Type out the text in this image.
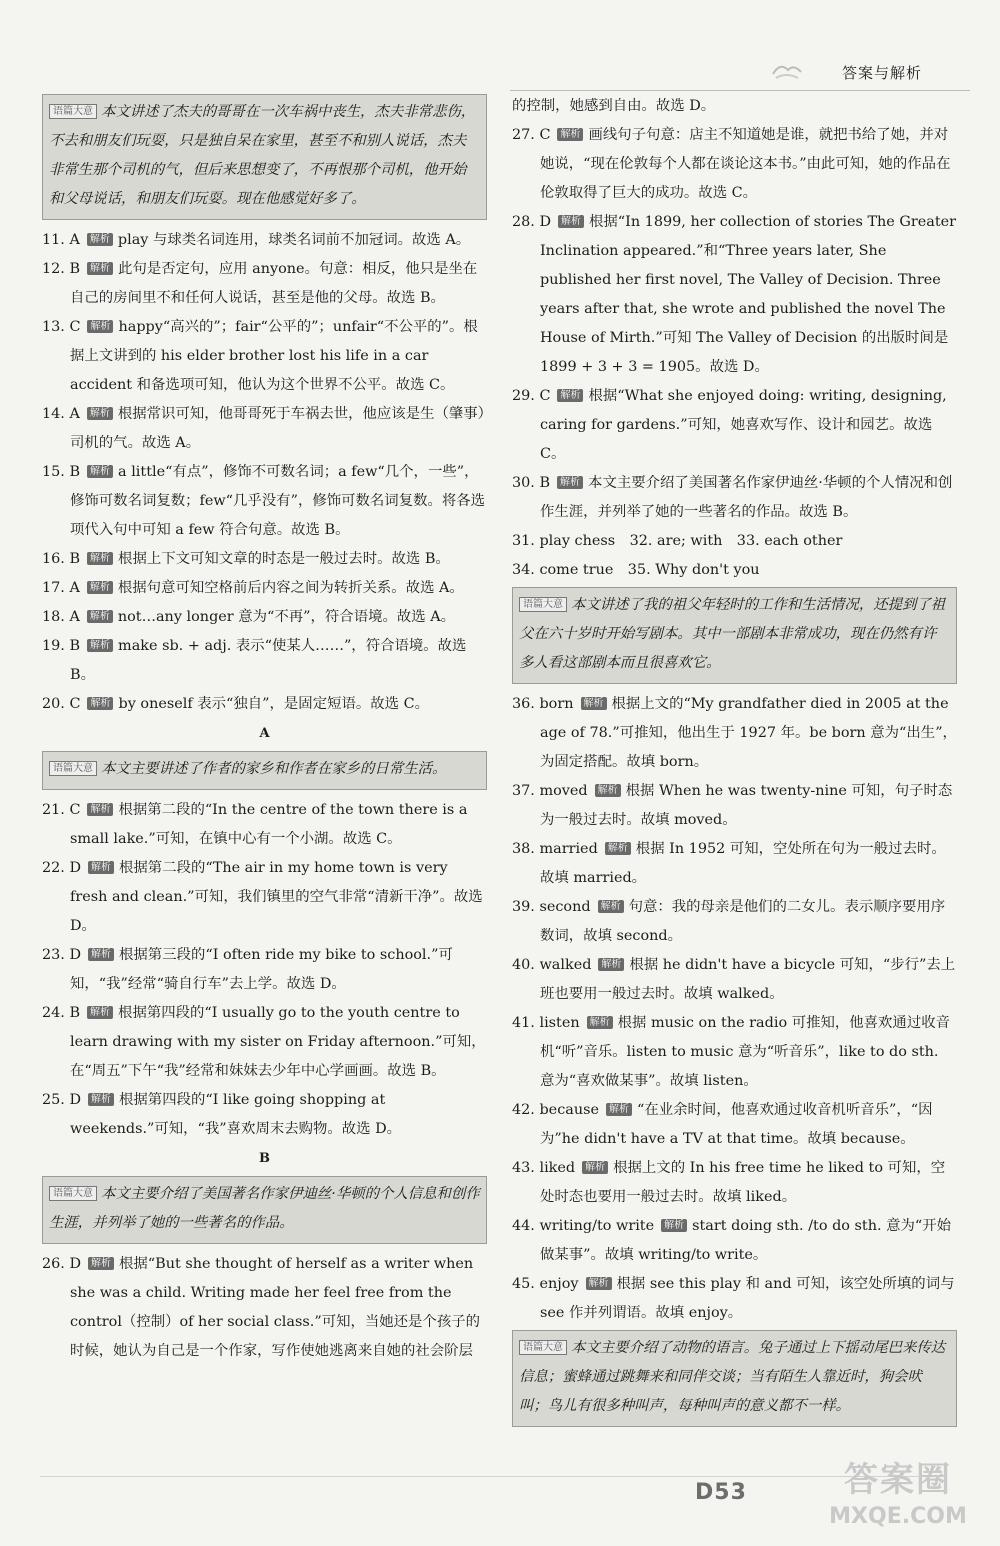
答案与解析
语篇大意 本文讲述了杰夫的哥哥在一次车祸中丧生，杰夫非常悲伤，不去和朋友们玩耍，只是独自呆在家里，甚至不和别人说话，杰夫非常生那个司机的气，但后来思想变了，不再恨那个司机，他开始和父母说话，和朋友们玩耍。现在他感觉好多了。
11. A 解析 play 与球类名词连用，球类名词前不加冠词。故选 A。
12. B 解析 此句是否定句，应用 anyone。句意：相反，他只是坐在自己的房间里不和任何人说话，甚至是他的父母。故选 B。
13. C 解析 happy“高兴的”；fair“公平的”；unfair“不公平的”。根据上文讲到的 his elder brother lost his life in a car accident 和备选项可知，他认为这个世界不公平。故选 C。
14. A 解析 根据常识可知，他哥哥死于车祸去世，他应该是生（肇事）司机的气。故选 A。
15. B 解析 a little“有点”，修饰不可数名词；a few“几个，一些”，修饰可数名词复数；few“几乎没有”，修饰可数名词复数。将各选项代入句中可知 a few 符合句意。故选 B。
16. B 解析 根据上下文可知文章的时态是一般过去时。故选 B。
17. A 解析 根据句意可知空格前后内容之间为转折关系。故选 A。
18. A 解析 not…any longer 意为“不再”，符合语境。故选 A。
19. B 解析 make sb. + adj. 表示“使某人……”，符合语境。故选 B。
20. C 解析 by oneself 表示“独自”，是固定短语。故选 C。
A
语篇大意 本文主要讲述了作者的家乡和作者在家乡的日常生活。
21. C 解析 根据第二段的“In the centre of the town there is a small lake.”可知，在镇中心有一个小湖。故选 C。
22. D 解析 根据第二段的“The air in my home town is very fresh and clean.”可知，我们镇里的空气非常“清新干净”。故选 D。
23. D 解析 根据第三段的“I often ride my bike to school.”可知，“我”经常“骑自行车”去上学。故选 D。
24. B 解析 根据第四段的“I usually go to the youth centre to learn drawing with my sister on Friday afternoon.”可知，在“周五”下午“我”经常和妹妹去少年中心学画画。故选 B。
25. D 解析 根据第四段的“I like going shopping at weekends.”可知，“我”喜欢周末去购物。故选 D。
B
语篇大意 本文主要介绍了美国著名作家伊迪丝·华顿的个人信息和创作生涯，并列举了她的一些著名的作品。
26. D 解析 根据“But she thought of herself as a writer when she was a child. Writing made her feel free from the control（控制）of her social class.”可知，当她还是个孩子的时候，她认为自己是一个作家，写作使她逃离来自她的社会阶层
的控制，她感到自由。故选 D。
27. C 解析 画线句子句意：店主不知道她是谁，就把书给了她，并对她说，“现在伦敦每个人都在谈论这本书。”由此可知，她的作品在伦敦取得了巨大的成功。故选 C。
28. D 解析 根据“In 1899, her collection of stories The Greater Inclination appeared.”和“Three years later, She published her first novel, The Valley of Decision. Three years after that, she wrote and published the novel The House of Mirth.”可知 The Valley of Decision 的出版时间是 1899 + 3 + 3 = 1905。故选 D。
29. C 解析 根据“What she enjoyed doing: writing, designing, caring for gardens.”可知，她喜欢写作、设计和园艺。故选 C。
30. B 解析 本文主要介绍了美国著名作家伊迪丝·华顿的个人情况和创作生涯，并列举了她的一些著名的作品。故选 B。
31. play chess　32. are; with　33. each other
34. come true　35. Why don't you
语篇大意 本文讲述了我的祖父年轻时的工作和生活情况，还提到了祖父在六十岁时开始写剧本。其中一部剧本非常成功，现在仍然有许多人看这部剧本而且很喜欢它。
36. born 解析 根据上文的“My grandfather died in 2005 at the age of 78.”可推知，他出生于 1927 年。be born 意为“出生”，为固定搭配。故填 born。
37. moved 解析 根据 When he was twenty-nine 可知，句子时态为一般过去时。故填 moved。
38. married 解析 根据 In 1952 可知，空处所在句为一般过去时。故填 married。
39. second 解析 句意：我的母亲是他们的二女儿。表示顺序要用序数词，故填 second。
40. walked 解析 根据 he didn't have a bicycle 可知，“步行”去上班也要用一般过去时。故填 walked。
41. listen 解析 根据 music on the radio 可推知，他喜欢通过收音机“听”音乐。listen to music 意为“听音乐”，like to do sth. 意为“喜欢做某事”。故填 listen。
42. because 解析 “在业余时间，他喜欢通过收音机听音乐”，“因为”he didn't have a TV at that time。故填 because。
43. liked 解析 根据上文的 In his free time he liked to 可知，空处时态也要用一般过去时。故填 liked。
44. writing/to write 解析 start doing sth. /to do sth. 意为“开始做某事”。故填 writing/to write。
45. enjoy 解析 根据 see this play 和 and 可知，该空处所填的词与 see 作并列谓语。故填 enjoy。
语篇大意 本文主要介绍了动物的语言。兔子通过上下摇动尾巴来传达信息；蜜蜂通过跳舞来和同伴交谈；当有陌生人靠近时，狗会吠叫；鸟儿有很多种叫声，每种叫声的意义都不一样。
D53	答案圈
MXQE.COM
